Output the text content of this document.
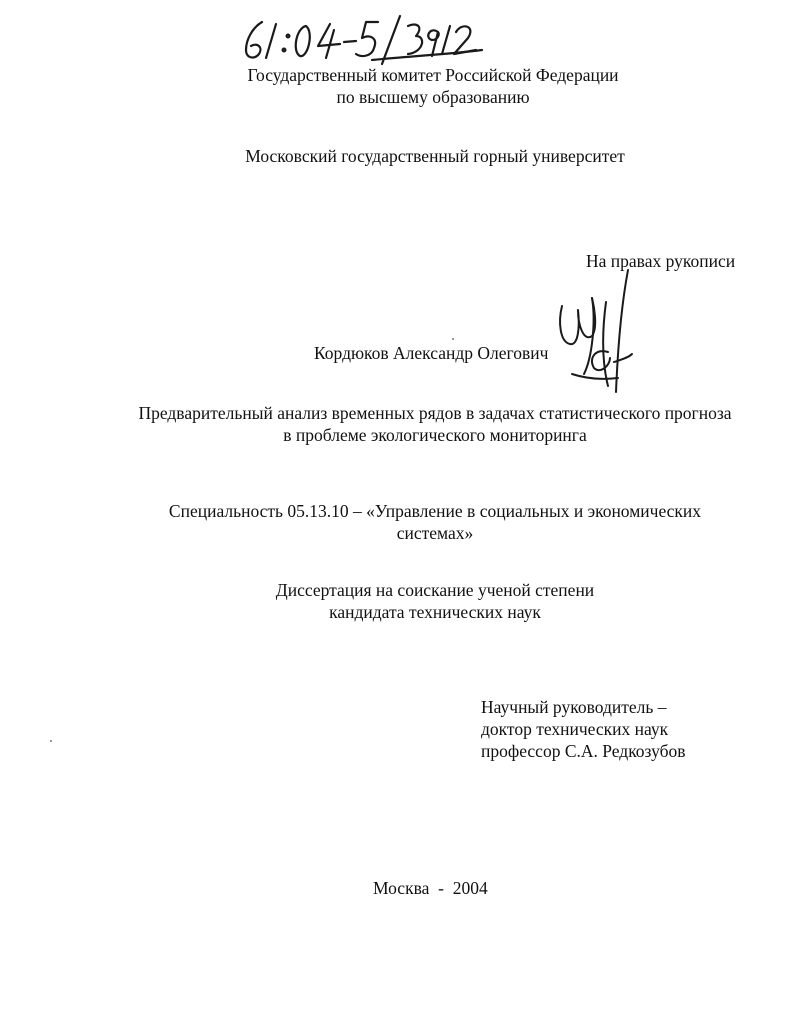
Государственный комитет Российской Федерации

по высшему образованию

Московский государственный горный университет

На правах рукописи

Кордюков Александр Олегович

Предварительный анализ временных рядов в задачах статистического прогноза

в проблеме экологического мониторинга

Специальность 05.13.10 – «Управление в социальных и экономических

системах»

Диссертация на соискание ученой степени

кандидата технических наук

Научный руководитель –

доктор технических наук

профессор С.А. Редкозубов

Москва  -  2004
